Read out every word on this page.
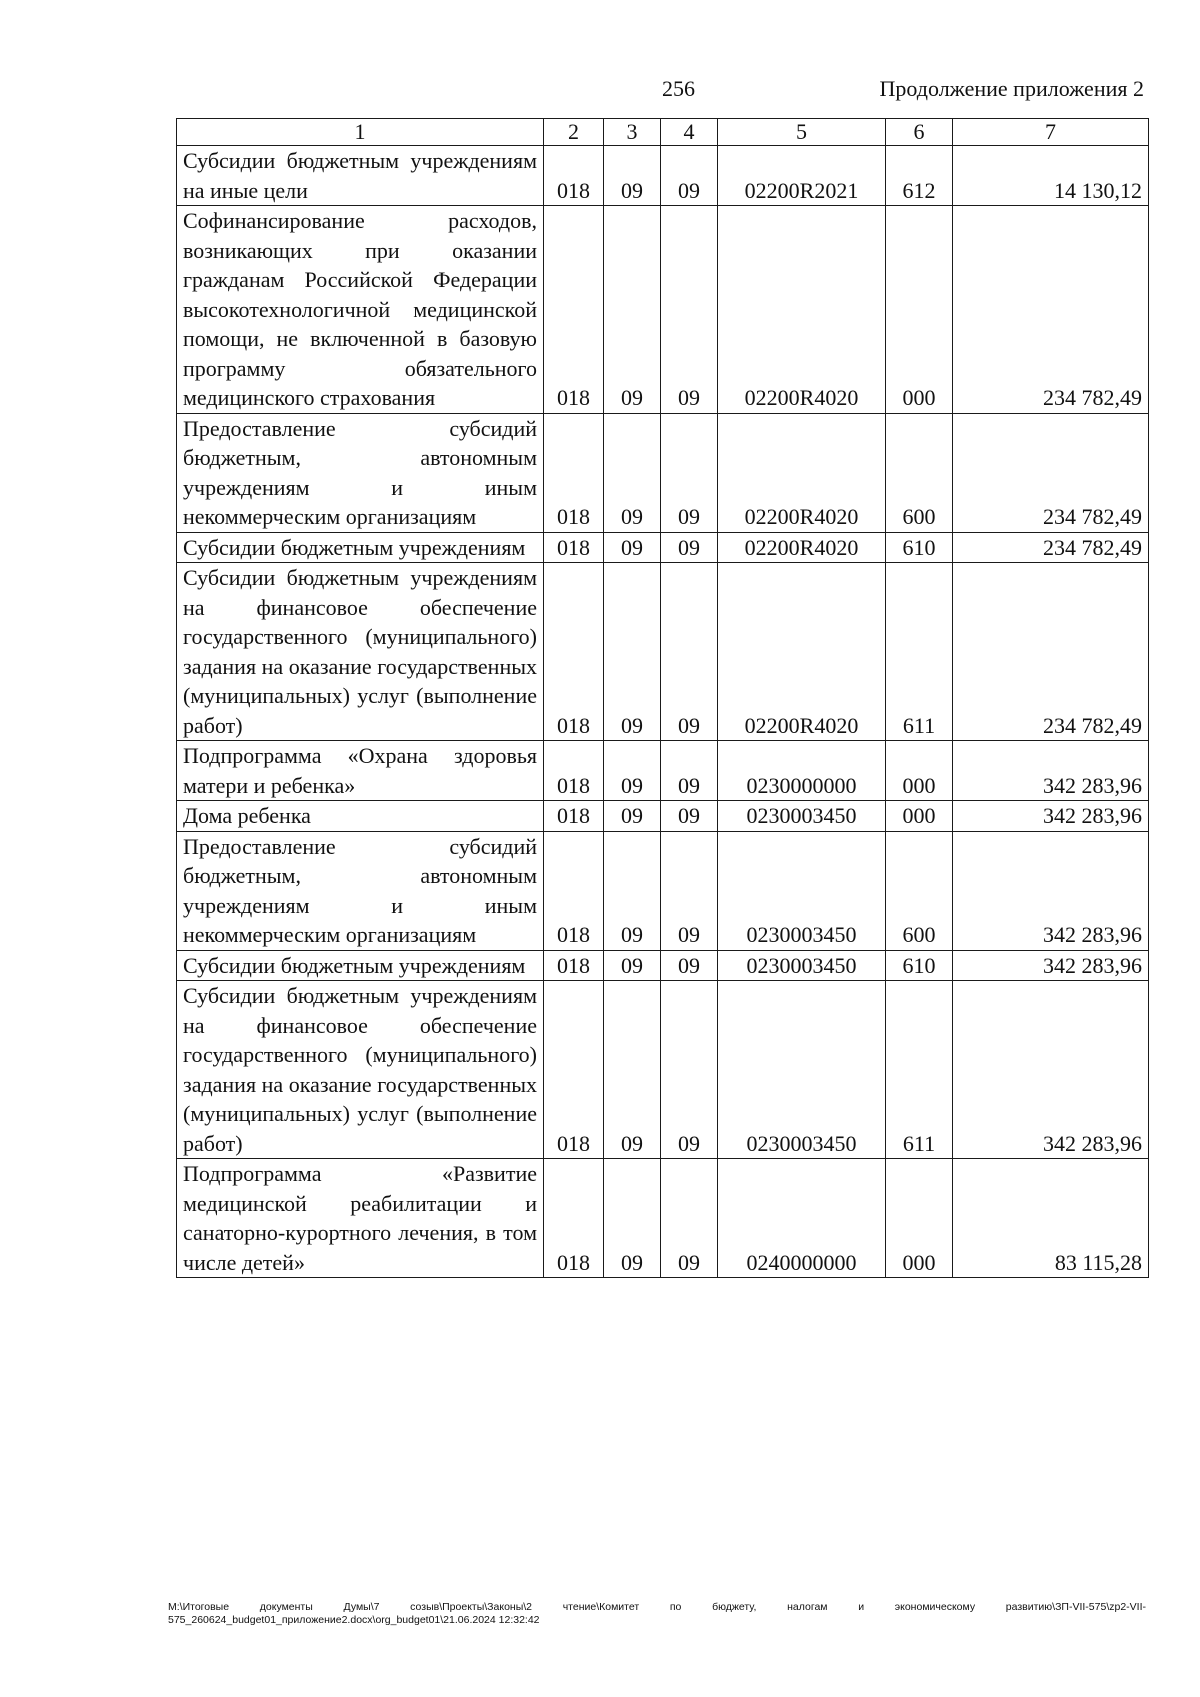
256	Продолжение приложения 2
1	2	3	4	5	6	7
Субсидии бюджетным учреждениям на иные цели	018	09	09	02200R2021	612	14 130,12
Софинансирование расходов, возникающих при оказании гражданам Российской Федерации высокотехнологичной медицинской помощи, не включенной в базовую программу обязательного медицинского страхования	018	09	09	02200R4020	000	234 782,49
Предоставление субсидий бюджетным, автономным учреждениям и иным некоммерческим организациям	018	09	09	02200R4020	600	234 782,49
Субсидии бюджетным учреждениям	018	09	09	02200R4020	610	234 782,49
Субсидии бюджетным учреждениям на финансовое обеспечение государственного (муниципального) задания на оказание государственных (муниципальных) услуг (выполнение работ)	018	09	09	02200R4020	611	234 782,49
Подпрограмма «Охрана здоровья матери и ребенка»	018	09	09	0230000000	000	342 283,96
Дома ребенка	018	09	09	0230003450	000	342 283,96
Предоставление субсидий бюджетным, автономным учреждениям и иным некоммерческим организациям	018	09	09	0230003450	600	342 283,96
Субсидии бюджетным учреждениям	018	09	09	0230003450	610	342 283,96
Субсидии бюджетным учреждениям на финансовое обеспечение государственного (муниципального) задания на оказание государственных (муниципальных) услуг (выполнение работ)	018	09	09	0230003450	611	342 283,96
Подпрограмма «Развитие медицинской реабилитации и санаторно-курортного лечения, в том числе детей»	018	09	09	0240000000	000	83 115,28
M:\Итоговые документы Думы\7 созыв\Проекты\Законы\2 чтение\Комитет по бюджету, налогам и экономическому развитию\ЗП-VII-575\zp2-VII-575_260624_budget01_приложение2.docx\org_budget01\21.06.2024 12:32:42
